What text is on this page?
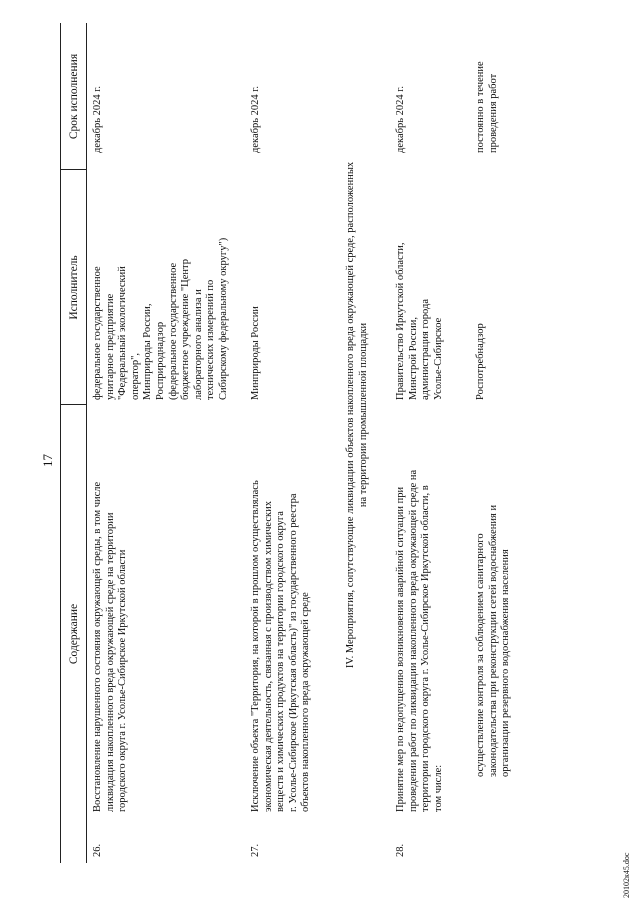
17
Содержание
Исполнитель
Срок исполнения
26.
Восстановление нарушенного состояния окружающей среды, в том числе
ликвидация накопленного вреда окружающей среде на территории
городского округа г. Усолье-Сибирское Иркутской области
федеральное государственное
унитарное предприятие
"Федеральный экологический
оператор",
Минприроды России,
Росприроднадзор
(федеральное государственное
бюджетное учреждение "Центр
лабораторного анализа и
технических измерений по
Сибирскому федеральному округу")
декабрь 2024 г.
27.
Исключение объекта "Территория, на которой в прошлом осуществлялась
экономическая деятельность, связанная с производством химических
веществ и химических продуктов на территории городского округа
г. Усолье-Сибирское (Иркутская область)" из государственного реестра
объектов накопленного вреда окружающей среде
Минприроды России
декабрь 2024 г.
IV. Мероприятия, сопутствующие ликвидации объектов накопленного вреда окружающей среде, расположенных
на территории промышленной площадки
28.
Принятие мер по недопущению возникновения аварийной ситуации при
проведении работ по ликвидации накопленного вреда окружающей среде на
территории городского округа г. Усолье-Сибирское Иркутской области, в
том числе:
Правительство Иркутской области,
Минстрой России,
администрация города
Усолье-Сибирское
декабрь 2024 г.
осуществление контроля за соблюдением санитарного
законодательства при реконструкции сетей водоснабжения и
организации резервного водоснабжения населения
Роспотребнадзор
постоянно в течение
проведения работ
20102к45.doc
